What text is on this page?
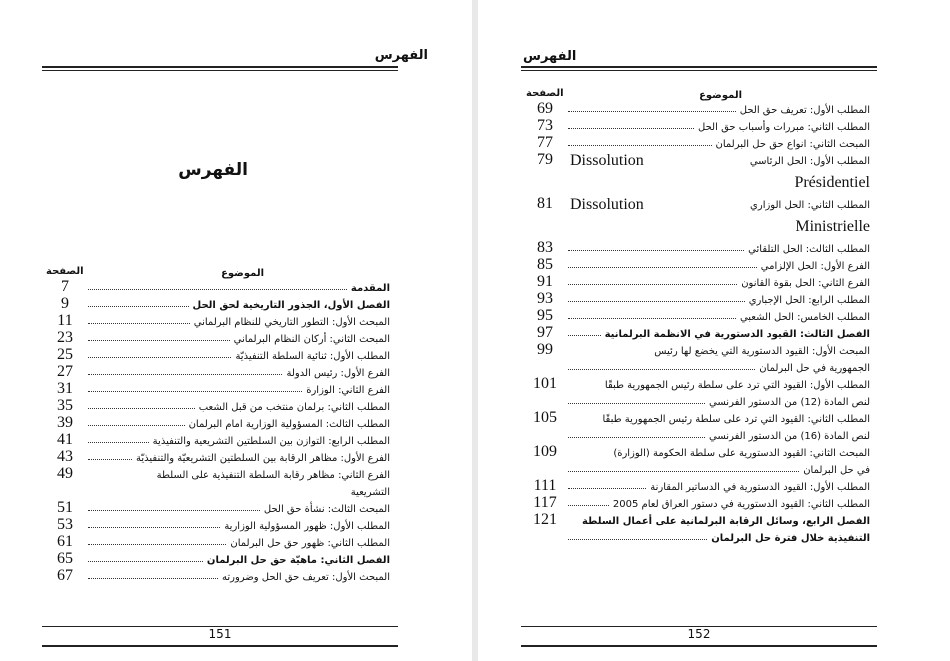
الفهرس
الفهرس
الموضوع
الصفحة
المقدمة
7
الفصل الأول، الجذور التاريخية لحق الحل
9
المبحث الأول: التطور التاريخي للنظام البرلماني
11
المبحث الثاني: أركان النظام البرلماني
23
المطلب الأول: ثنائية السلطة التنفيذيّة
25
الفرع الأول: رئيس الدولة
27
الفرع الثاني: الوزارة
31
المطلب الثاني: برلمان منتخب من قبل الشعب
35
المطلب الثالث: المسؤولية الوزارية امام البرلمان
39
المطلب الرابع: التوازن بين السلطتين التشريعية والتنفيذية
41
الفرع الأول: مظاهر الرقابة بين السلطتين التشريعيّة والتنفيذيّة
43
الفرع الثاني: مظاهر رقابة السلطة التنفيذية على السلطة
49
التشريعية
المبحث الثالث: نشأة حق الحل
51
المطلب الأول: ظهور المسؤولية الوزارية
53
المطلب الثاني: ظهور حق حل البرلمان
61
الفصل الثاني: ماهيّة حق حل البرلمان
65
المبحث الأول: تعريف حق الحل وضرورته
67
151
الفهرس
الموضوع
الصفحة
المطلب الأول: تعريف حق الحل
69
المطلب الثاني: مبررات وأسباب حق الحل
73
المبحث الثاني: انواع حق حل البرلمان
77
المطلب الأول: الحل الرئاسي
Dissolution
79
Présidentiel
المطلب الثاني: الحل الوزاري
Dissolution
81
Ministrielle
المطلب الثالث: الحل التلقائي
83
الفرع الأول: الحل الإلزامي
85
الفرع الثاني: الحل بقوة القانون
91
المطلب الرابع: الحل الإجباري
93
المطلب الخامس: الحل الشعبي
95
الفصل الثالث: القيود الدستورية في الانظمة البرلمانية
97
المبحث الأول: القيود الدستورية التي يخضع لها رئيس
99
الجمهورية في حل البرلمان
المطلب الأول: القيود التي ترد على سلطة رئيس الجمهورية طبقًا
101
لنص المادة (12) من الدستور الفرنسي
المطلب الثاني: القيود التي ترد على سلطة رئيس الجمهورية طبقًا
105
لنص المادة (16) من الدستور الفرنسي
المبحث الثاني: القيود الدستورية على سلطة الحكومة (الوزارة)
109
في حل البرلمان
المطلب الأول: القيود الدستورية في الدساتير المقارنة
111
المطلب الثاني: القيود الدستورية في دستور العراق لعام 2005
117
الفصل الرابع، وسائل الرقابة البرلمانية على أعمال السلطة
121
التنفيذية خلال فترة حل البرلمان
152
